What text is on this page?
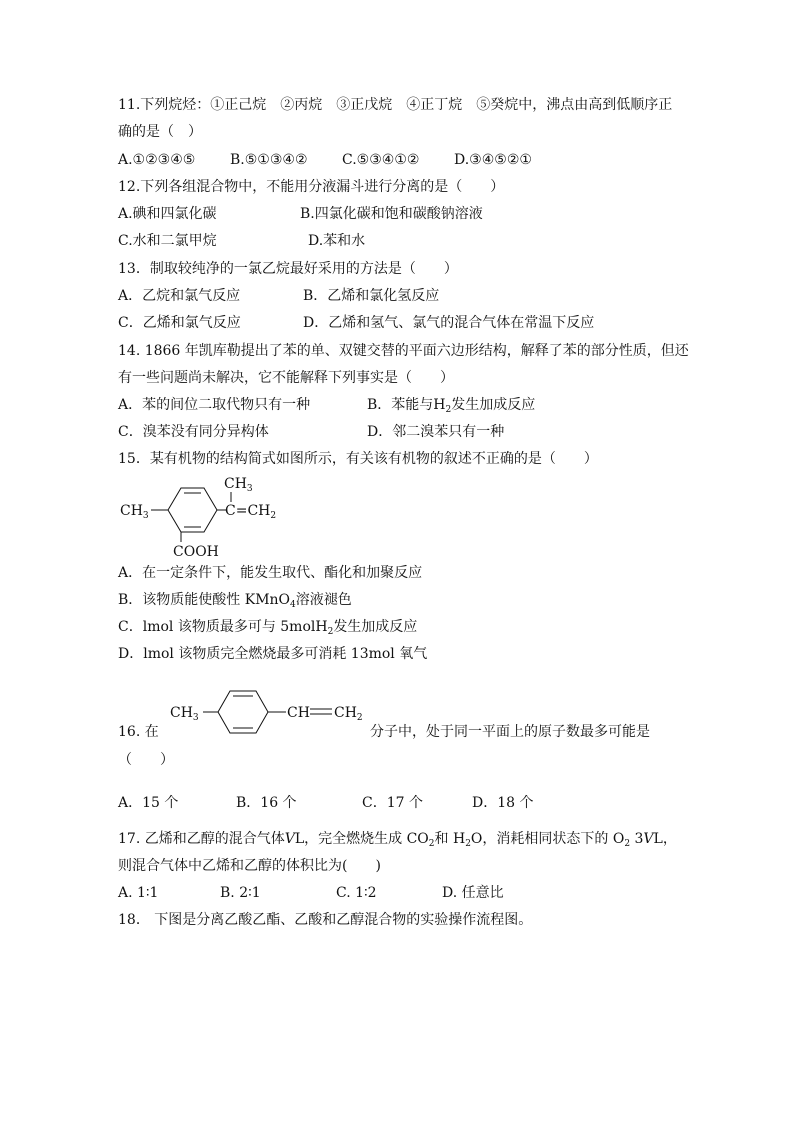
11.下列烷烃：①正己烷　②丙烷　③正戊烷　④正丁烷　⑤癸烷中，沸点由高到低顺序正
确的是（　）
A.①②③④⑤ B.⑤①③④② C.⑤③④①② D.③④⑤②①
12.下列各组混合物中，不能用分液漏斗进行分离的是（　　）
A.碘和四氯化碳	B.四氯化碳和饱和碳酸钠溶液
C.水和二氯甲烷	D.苯和水
13．制取较纯净的一氯乙烷最好采用的方法是（　　）
A．乙烷和氯气反应	B．乙烯和氯化氢反应
C．乙烯和氯气反应	D．乙烯和氢气、氯气的混合气体在常温下反应
14. 1866 年凯库勒提出了苯的单、双键交替的平面六边形结构，解释了苯的部分性质，但还
有一些问题尚未解决，它不能解释下列事实是（　　）
A．苯的间位二取代物只有一种	B．苯能与$H_2$发生加成反应
C．溴苯没有同分异构体	D．邻二溴苯只有一种
15．某有机物的结构简式如图所示，有关该有机物的叙述不正确的是（　　）
$CH_3$
$CH_3$
$C=CH_2$
COOH
A．在一定条件下，能发生取代、酯化和加聚反应
B．该物质能使酸性 KMnO$_4$溶液褪色
C．lmol 该物质最多可与 5molH$_2$发生加成反应
D．lmol 该物质完全燃烧最多可消耗 13mol 氧气
$CH_3$	CH $CH_2$
16. 在	分子中，处于同一平面上的原子数最多可能是
（　　）
A．15 个	B．16 个	C．17 个	D．18 个
17. 乙烯和乙醇的混合气体VL，完全燃烧生成 $CO_2$和 $H_2O$，消耗相同状态下的 $O_2$ 3VL，
则混合气体中乙烯和乙醇的体积比为(　　)
A. 1∶1	B. 2∶1	C. 1∶2	D. 任意比
18． 下图是分离乙酸乙酯、乙酸和乙醇混合物的实验操作流程图。
